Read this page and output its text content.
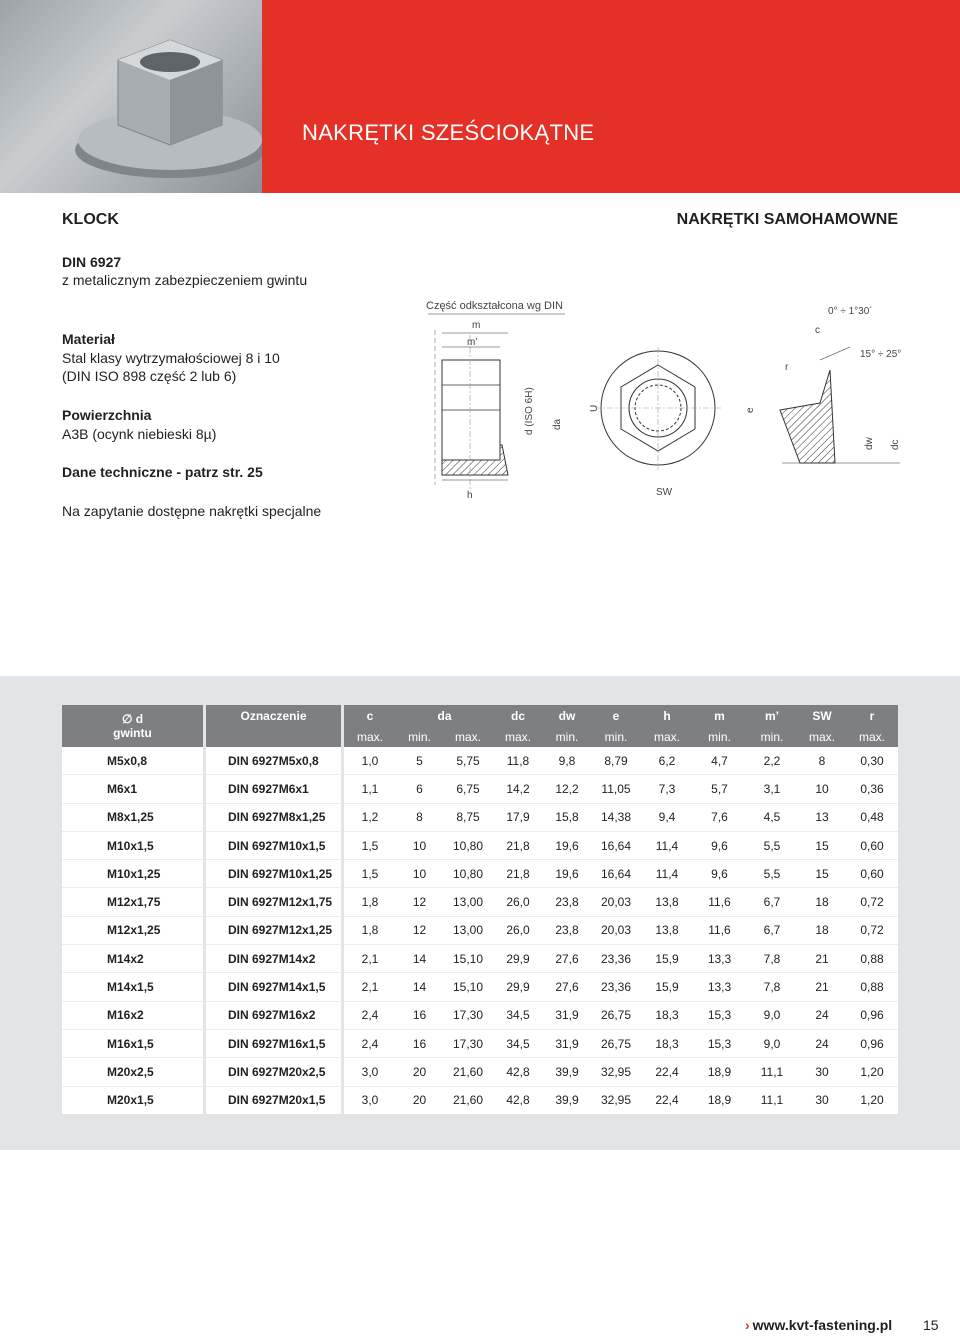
NAKRĘTKI SZEŚCIOKĄTNE
KLOCK	NAKRĘTKI SAMOHAMOWNE
DIN 6927
z metalicznym zabezpieczeniem gwintu
Materiał
Stal klasy wytrzymałościowej 8 i 10
(DIN ISO 898 część 2 lub 6)
Powierzchnia
A3B (ocynk niebieski 8µ)
Dane techniczne - patrz str. 25
Na zapytanie dostępne nakrętki specjalne
Część odkształcona wg DIN
m
m’
h
d (ISO 6H) da
U
SW
e
c
r
0° ÷ 1°30´
15° ÷ 25°
dw dc
∅ d
gwintu	Oznaczenie	c	da		dc	dw	e	h	m	m’	SW	r
		max.	min.	max.	max.	min.	min.	max.	min.	min.	max.	max.
M5x0,8	DIN 6927M5x0,8	1,0	5	5,75	11,8	9,8	8,79	6,2	4,7	2,2	8	0,30
M6x1	DIN 6927M6x1	1,1	6	6,75	14,2	12,2	11,05	7,3	5,7	3,1	10	0,36
M8x1,25	DIN 6927M8x1,25	1,2	8	8,75	17,9	15,8	14,38	9,4	7,6	4,5	13	0,48
M10x1,5	DIN 6927M10x1,5	1,5	10	10,80	21,8	19,6	16,64	11,4	9,6	5,5	15	0,60
M10x1,25	DIN 6927M10x1,25	1,5	10	10,80	21,8	19,6	16,64	11,4	9,6	5,5	15	0,60
M12x1,75	DIN 6927M12x1,75	1,8	12	13,00	26,0	23,8	20,03	13,8	11,6	6,7	18	0,72
M12x1,25	DIN 6927M12x1,25	1,8	12	13,00	26,0	23,8	20,03	13,8	11,6	6,7	18	0,72
M14x2	DIN 6927M14x2	2,1	14	15,10	29,9	27,6	23,36	15,9	13,3	7,8	21	0,88
M14x1,5	DIN 6927M14x1,5	2,1	14	15,10	29,9	27,6	23,36	15,9	13,3	7,8	21	0,88
M16x2	DIN 6927M16x2	2,4	16	17,30	34,5	31,9	26,75	18,3	15,3	9,0	24	0,96
M16x1,5	DIN 6927M16x1,5	2,4	16	17,30	34,5	31,9	26,75	18,3	15,3	9,0	24	0,96
M20x2,5	DIN 6927M20x2,5	3,0	20	21,60	42,8	39,9	32,95	22,4	18,9	11,1	30	1,20
M20x1,5	DIN 6927M20x1,5	3,0	20	21,60	42,8	39,9	32,95	22,4	18,9	11,1	30	1,20
› www.kvt-fastening.pl 15
